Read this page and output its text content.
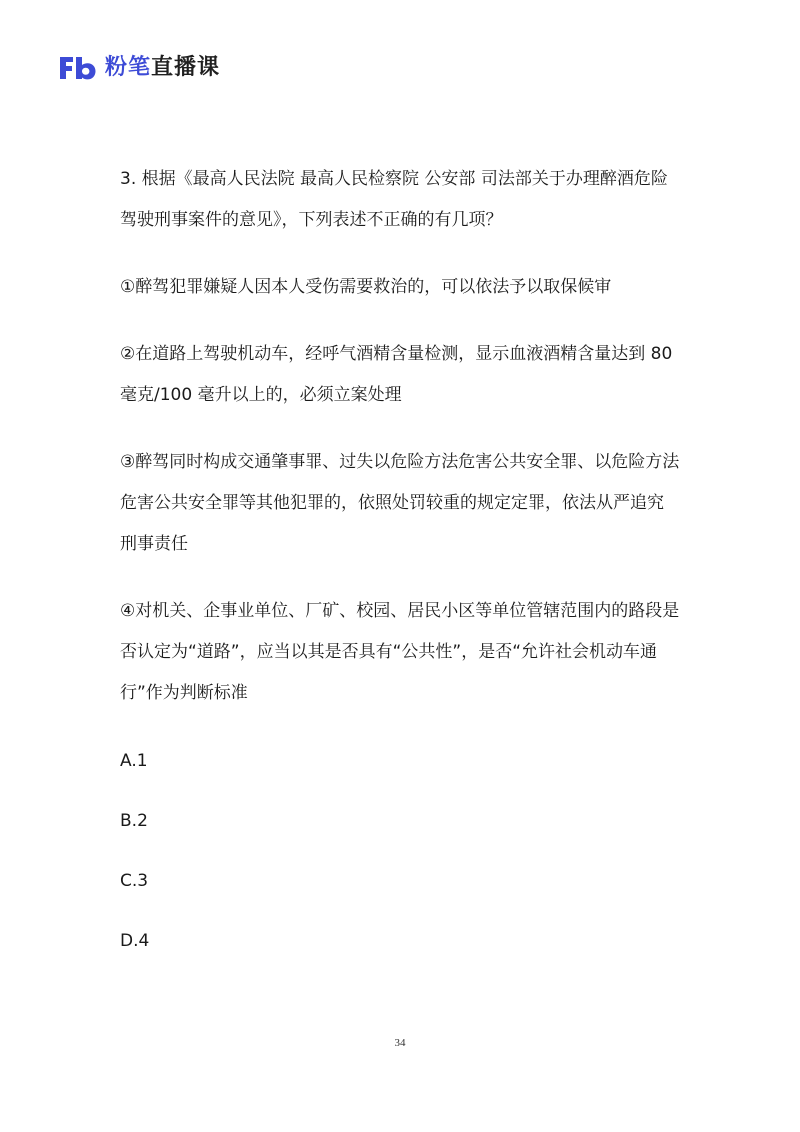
粉笔 直播课

3. 根据《最高人民法院 最高人民检察院 公安部 司法部关于办理醉酒危险驾驶刑事案件的意见》，下列表述不正确的有几项？

①醉驾犯罪嫌疑人因本人受伤需要救治的，可以依法予以取保候审

②在道路上驾驶机动车，经呼气酒精含量检测，显示血液酒精含量达到 80 毫克/100 毫升以上的，必须立案处理

③醉驾同时构成交通肇事罪、过失以危险方法危害公共安全罪、以危险方法危害公共安全罪等其他犯罪的，依照处罚较重的规定定罪，依法从严追究刑事责任

④对机关、企事业单位、厂矿、校园、居民小区等单位管辖范围内的路段是否认定为“道路”，应当以其是否具有“公共性”，是否“允许社会机动车通行”作为判断标准

A.1

B.2

C.3

D.4

34
